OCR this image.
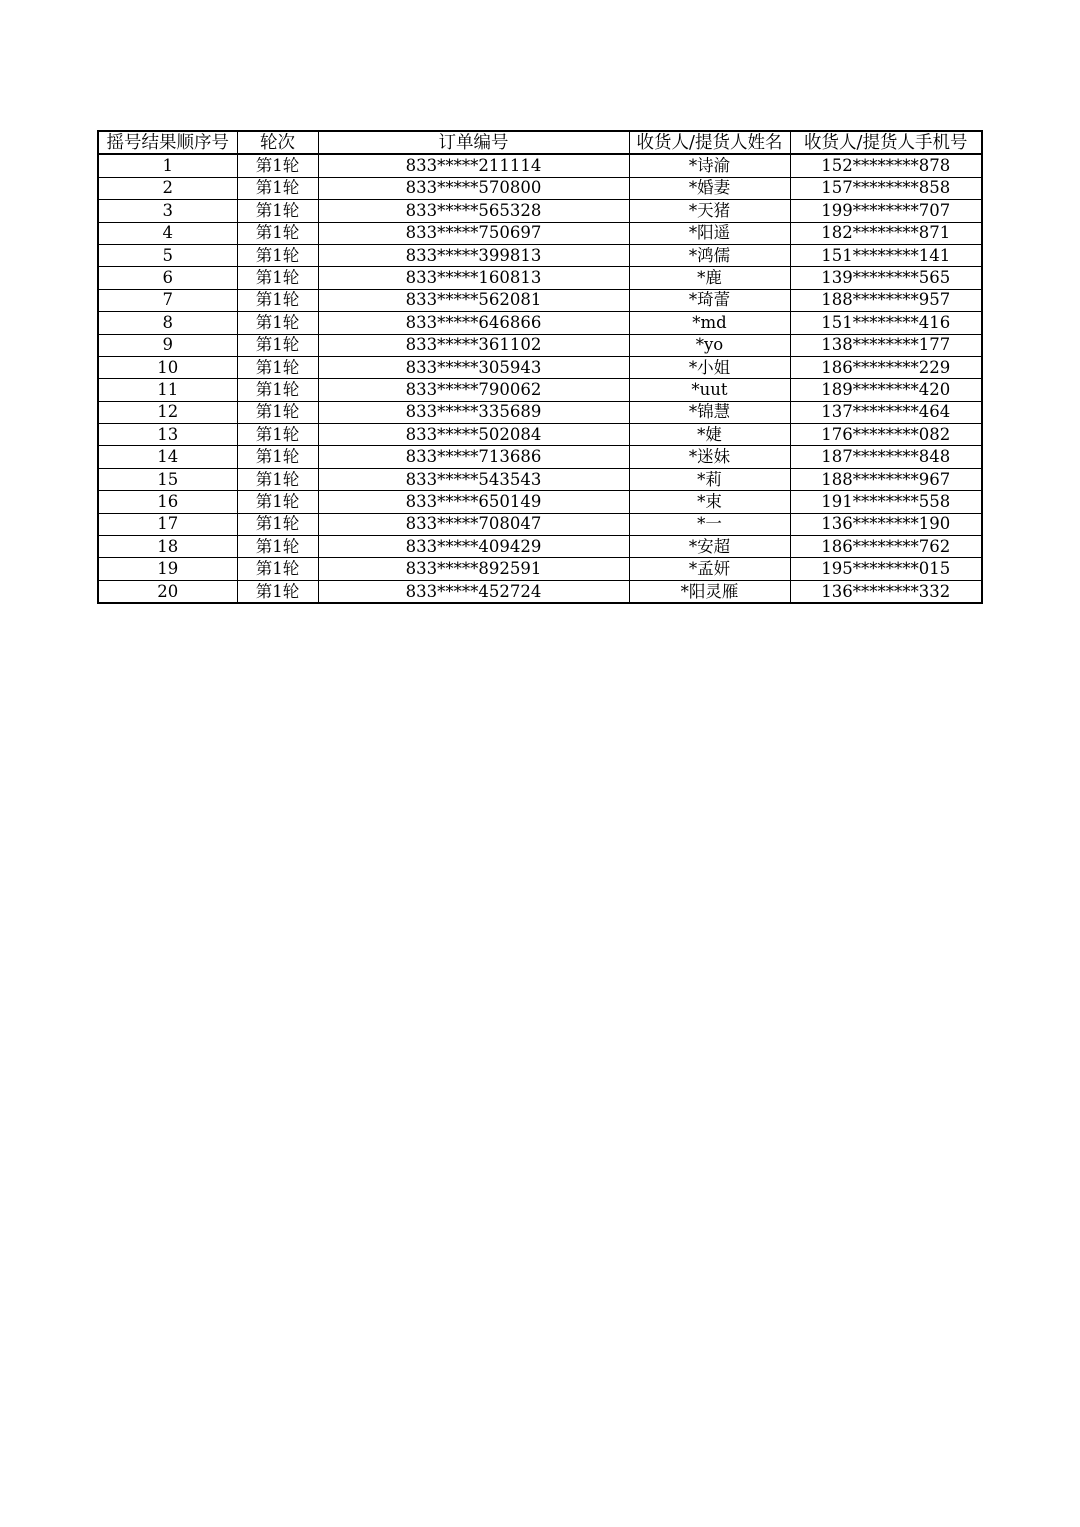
摇号结果顺序号	轮次	订单编号	收货人/提货人姓名	收货人/提货人手机号
1	第1轮	833*****211114	*诗渝	152********878
2	第1轮	833*****570800	*婚妻	157********858
3	第1轮	833*****565328	*天猪	199********707
4	第1轮	833*****750697	*阳遥	182********871
5	第1轮	833*****399813	*鸿儒	151********141
6	第1轮	833*****160813	*鹿	139********565
7	第1轮	833*****562081	*琦蕾	188********957
8	第1轮	833*****646866	*md	151********416
9	第1轮	833*****361102	*yo	138********177
10	第1轮	833*****305943	*小姐	186********229
11	第1轮	833*****790062	*uut	189********420
12	第1轮	833*****335689	*锦慧	137********464
13	第1轮	833*****502084	*婕	176********082
14	第1轮	833*****713686	*迷妹	187********848
15	第1轮	833*****543543	*莉	188********967
16	第1轮	833*****650149	*束	191********558
17	第1轮	833*****708047	*一	136********190
18	第1轮	833*****409429	*安超	186********762
19	第1轮	833*****892591	*孟妍	195********015
20	第1轮	833*****452724	*阳灵雁	136********332
